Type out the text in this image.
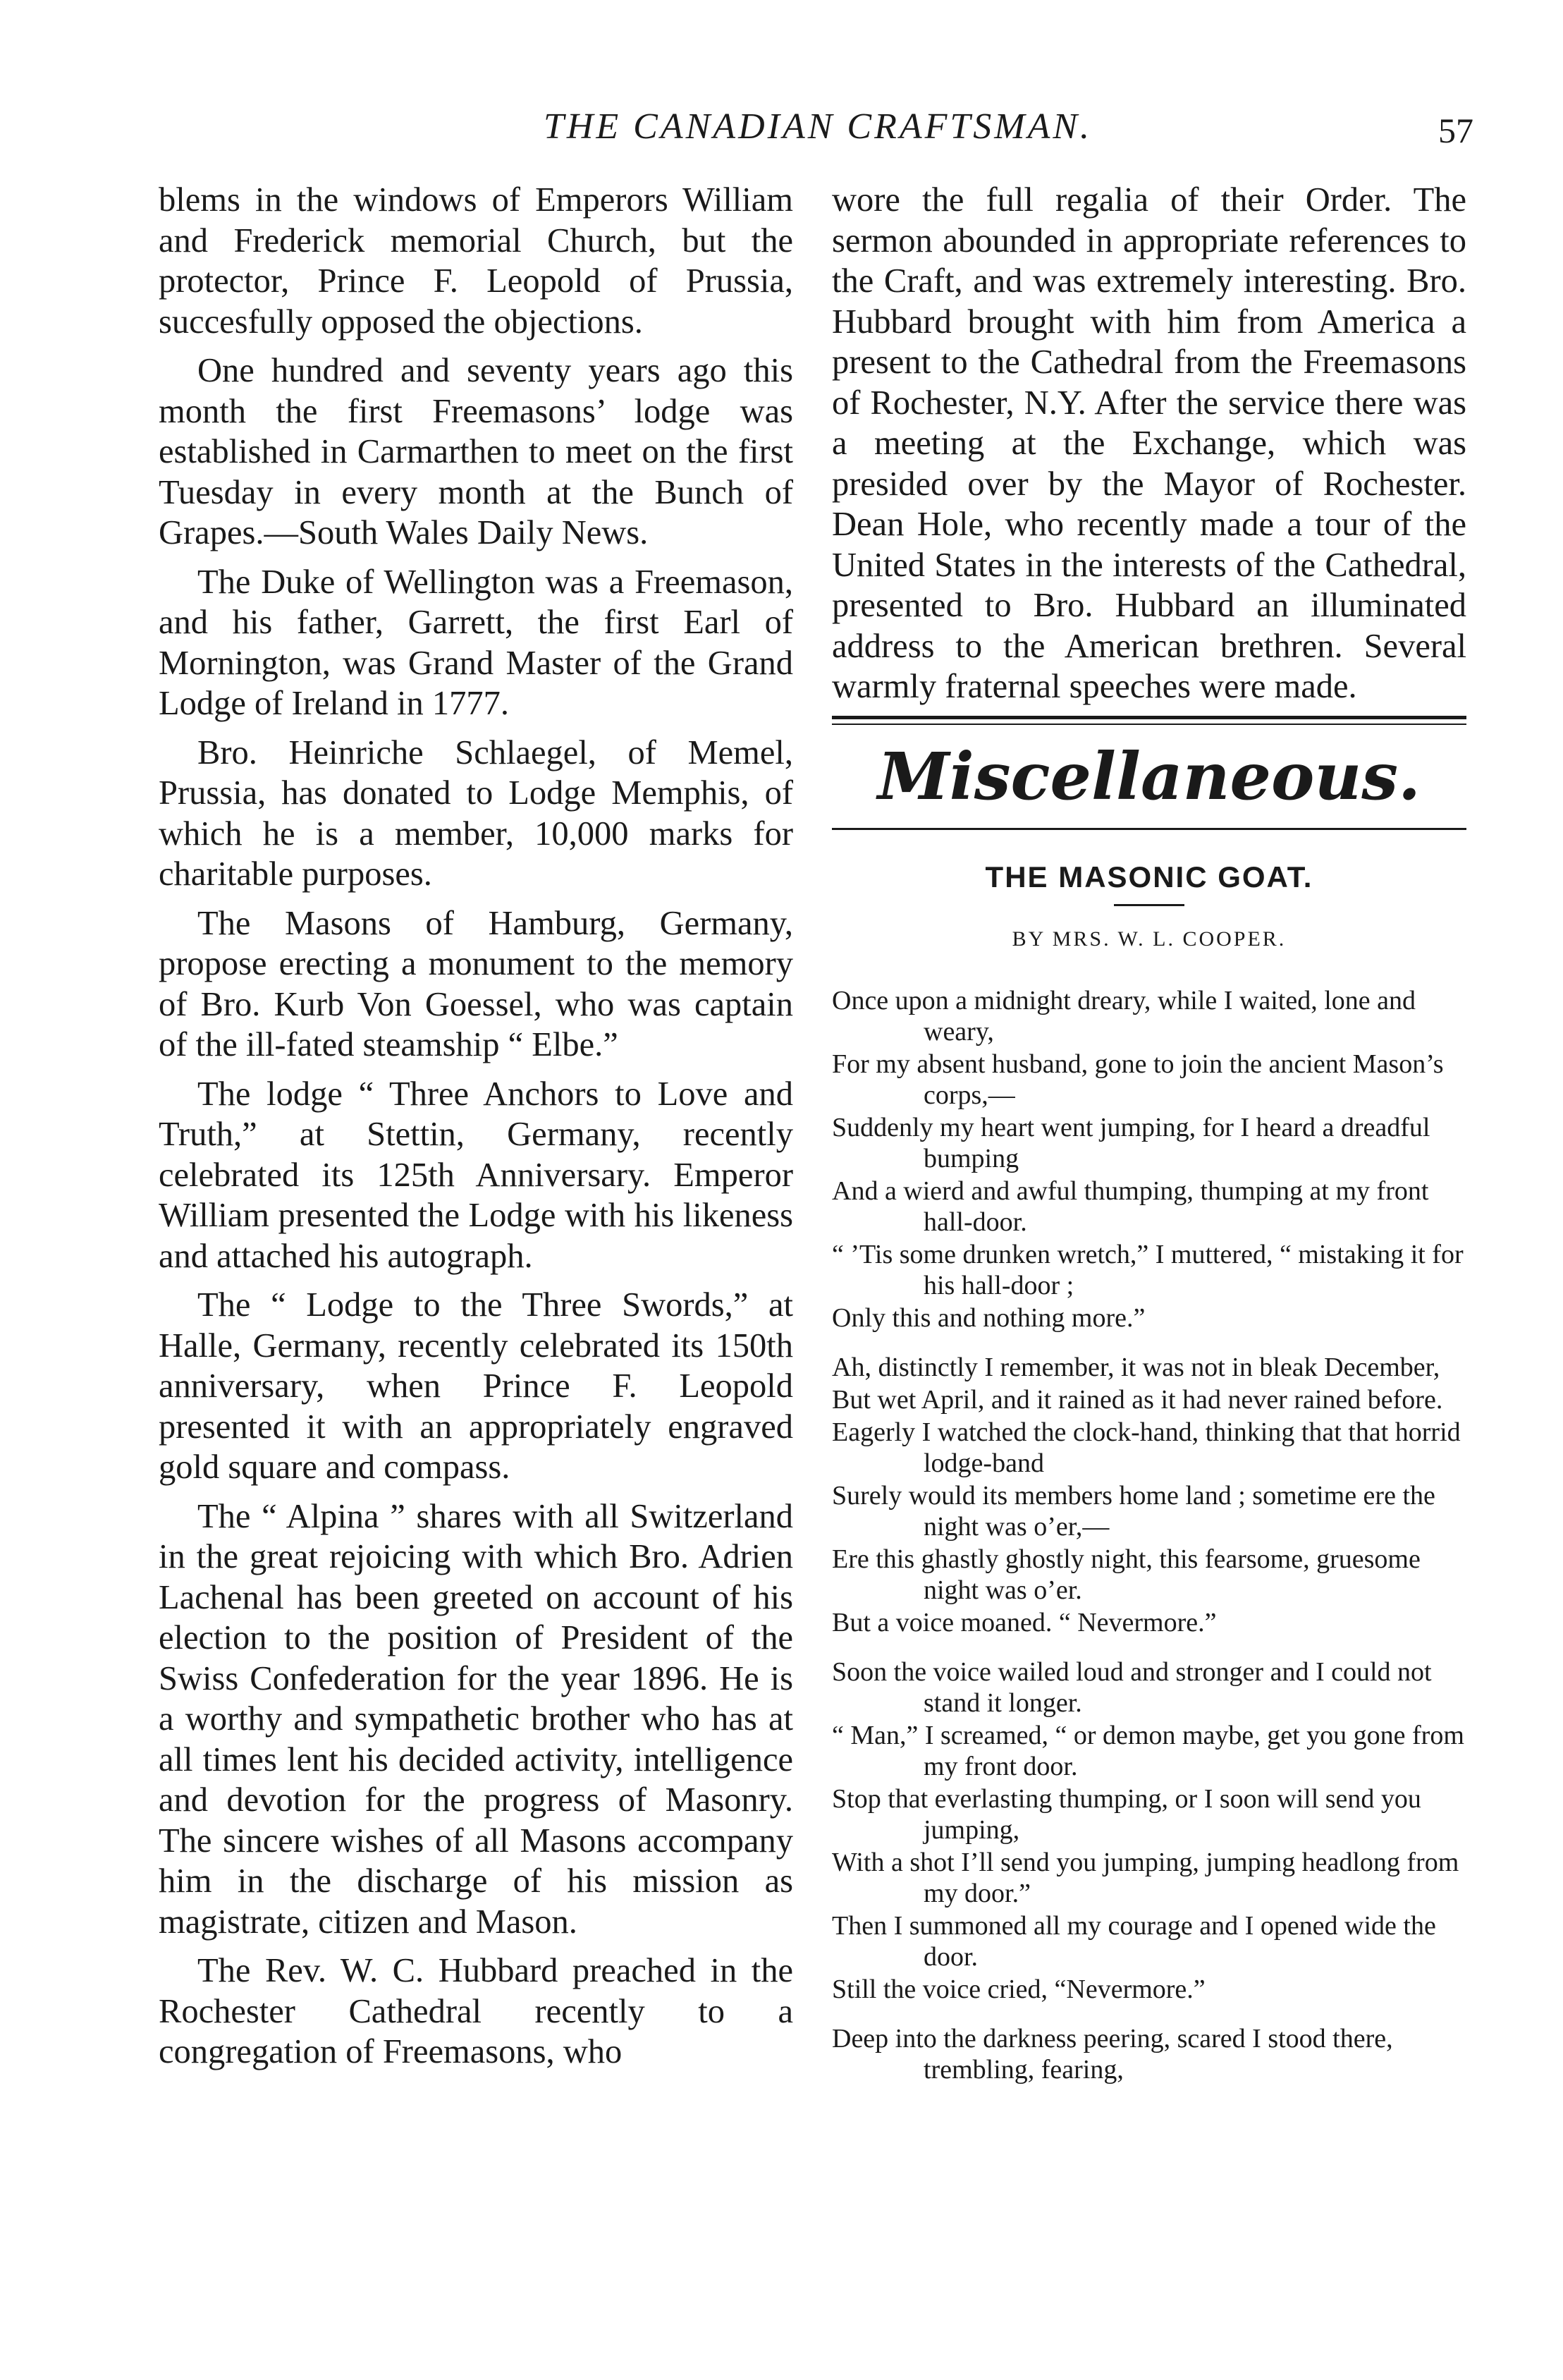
THE CANADIAN CRAFTSMAN.	57

blems in the windows of Emperors William and Frederick memorial Church, but the protector, Prince F. Leopold of Prussia, succesfully opposed the objections.

One hundred and seventy years ago this month the first Freemasons’ lodge was established in Carmarthen to meet on the first Tuesday in every month at the Bunch of Grapes.—South Wales Daily News.

The Duke of Wellington was a Freemason, and his father, Garrett, the first Earl of Mornington, was Grand Master of the Grand Lodge of Ireland in 1777.

Bro. Heinriche Schlaegel, of Memel, Prussia, has donated to Lodge Memphis, of which he is a member, 10,000 marks for charitable purposes.

The Masons of Hamburg, Germany, propose erecting a monument to the memory of Bro. Kurb Von Goessel, who was captain of the ill-fated steamship “ Elbe.”

The lodge “ Three Anchors to Love and Truth,” at Stettin, Germany, recently celebrated its 125th Anniversary. Emperor William presented the Lodge with his likeness and attached his autograph.

The “ Lodge to the Three Swords,” at Halle, Germany, recently celebrated its 150th anniversary, when Prince F. Leopold presented it with an appropriately engraved gold square and compass.

The “ Alpina ” shares with all Switzerland in the great rejoicing with which Bro. Adrien Lachenal has been greeted on account of his election to the position of President of the Swiss Confederation for the year 1896. He is a worthy and sympathetic brother who has at all times lent his decided activity, intelligence and devotion for the progress of Masonry. The sincere wishes of all Masons accompany him in the discharge of his mission as magistrate, citizen and Mason.

The Rev. W. C. Hubbard preached in the Rochester Cathedral recently to a congregation of Freemasons, who

wore the full regalia of their Order. The sermon abounded in appropriate references to the Craft, and was extremely interesting. Bro. Hubbard brought with him from America a present to the Cathedral from the Freemasons of Rochester, N.Y. After the service there was a meeting at the Exchange, which was presided over by the Mayor of Rochester. Dean Hole, who recently made a tour of the United States in the interests of the Cathedral, presented to Bro. Hubbard an illuminated address to the American brethren. Several warmly fraternal speeches were made.

Miscellaneous.
THE MASONIC GOAT.
BY MRS. W. L. COOPER.
Once upon a midnight dreary, while I waited, lone and weary,
For my absent husband, gone to join the ancient Mason’s corps,—
Suddenly my heart went jumping, for I heard a dreadful bumping
And a wierd and awful thumping, thumping at my front hall-door.
“ ’Tis some drunken wretch,” I muttered, “ mistaking it for his hall-door ;
Only this and nothing more.”
Ah, distinctly I remember, it was not in bleak December,
But wet April, and it rained as it had never rained before.
Eagerly I watched the clock-hand, thinking that that horrid lodge-band
Surely would its members home land ; sometime ere the night was o’er,—
Ere this ghastly ghostly night, this fearsome, gruesome night was o’er.
But a voice moaned. “ Nevermore.”
Soon the voice wailed loud and stronger and I could not stand it longer.
“ Man,” I screamed, “ or demon maybe, get you gone from my front door.
Stop that everlasting thumping, or I soon will send you jumping,
With a shot I’ll send you jumping, jumping headlong from my door.”
Then I summoned all my courage and I opened wide the door.
Still the voice cried, “Nevermore.”
Deep into the darkness peering, scared I stood there, trembling, fearing,
